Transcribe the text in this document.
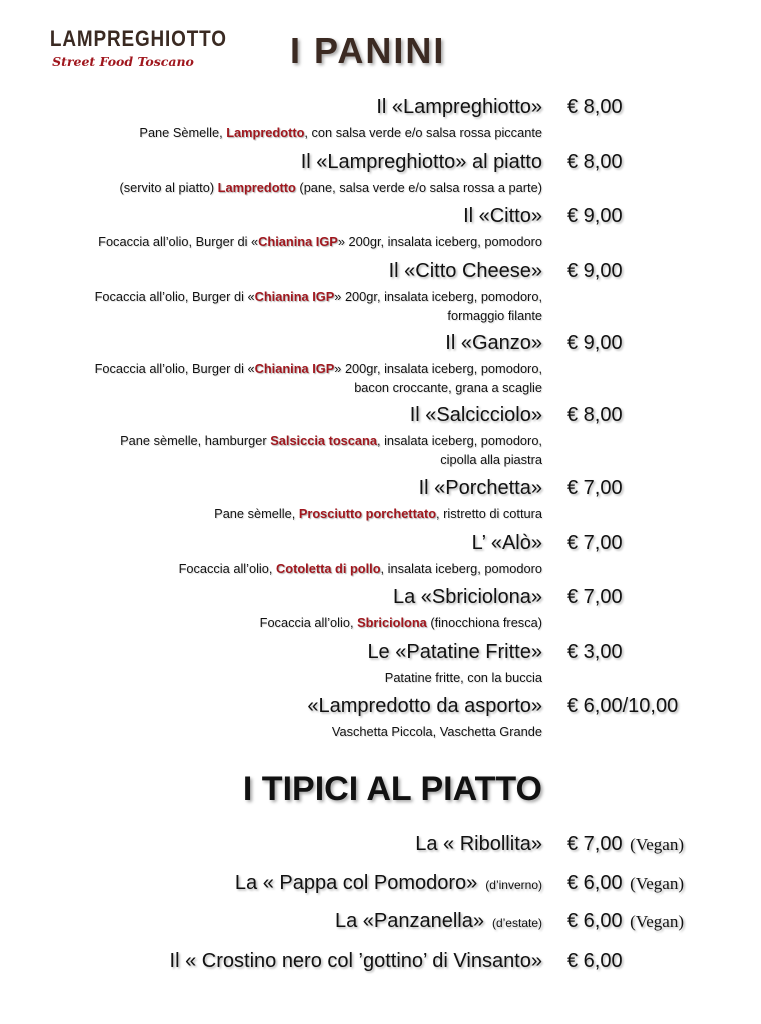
LAMPREGHIOTTO
Street Food Toscano	I PANINI
Il «Lampreghiotto»
Pane Sèmelle, Lampredotto, con salsa verde e/o salsa rossa piccante
€ 8,00
Il «Lampreghiotto» al piatto
(servito al piatto) Lampredotto (pane, salsa verde e/o salsa rossa a parte)
€ 8,00
Il «Citto»
Focaccia all’olio, Burger di «Chianina IGP» 200gr, insalata iceberg, pomodoro
€ 9,00
Il «Citto Cheese»
Focaccia all’olio, Burger di «Chianina IGP» 200gr, insalata iceberg, pomodoro,
formaggio filante
€ 9,00
Il «Ganzo»
Focaccia all’olio, Burger di «Chianina IGP» 200gr, insalata iceberg, pomodoro,
bacon croccante, grana a scaglie
€ 9,00
Il «Salcicciolo»
Pane sèmelle, hamburger Salsiccia toscana, insalata iceberg, pomodoro,
cipolla alla piastra
€ 8,00
Il «Porchetta»
Pane sèmelle, Prosciutto porchettato, ristretto di cottura
€ 7,00
L’ «Alò»
Focaccia all’olio, Cotoletta di pollo, insalata iceberg, pomodoro
€ 7,00
La «Sbriciolona»
Focaccia all’olio, Sbriciolona (finocchiona fresca)
€ 7,00
Le «Patatine Fritte»
Patatine fritte, con la buccia
€ 3,00
«Lampredotto da asporto»
Vaschetta Piccola, Vaschetta Grande
€ 6,00/10,00
I TIPICI AL PIATTO
La « Ribollita» € 7,00 (Vegan)
La « Pappa col Pomodoro» (d’inverno) € 6,00 (Vegan)
La «Panzanella» (d’estate) € 6,00 (Vegan)
Il « Crostino nero col ’gottino’ di Vinsanto» € 6,00
